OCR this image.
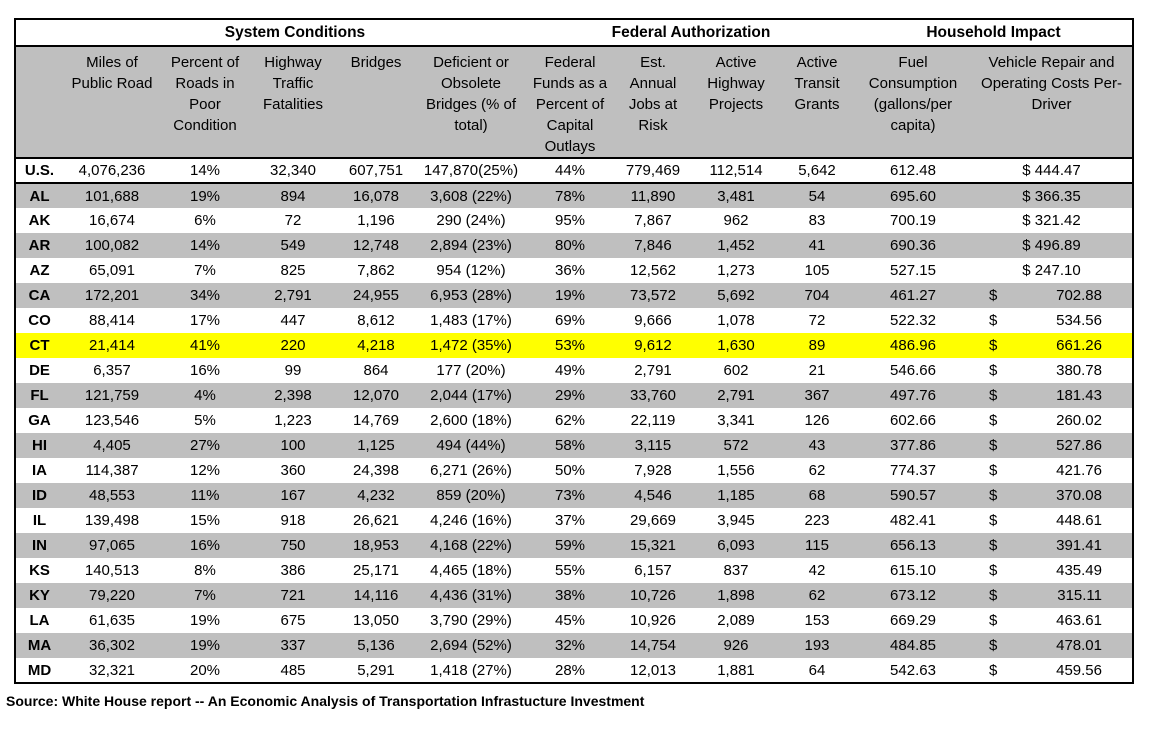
	System Conditions					Federal Authorization				Household Impact	
	Miles of Public Road	Percent of Roads in Poor Condition	Highway Traffic Fatalities	Bridges	Deficient or Obsolete Bridges (% of total)	Federal Funds as a Percent of Capital Outlays	Est. Annual Jobs at Risk	Active Highway Projects	Active Transit Grants	Fuel Consumption (gallons/per capita)	Vehicle Repair and Operating Costs Per-Driver
U.S.	4,076,236	14%	32,340	607,751	147,870(25%)	44%	779,469	112,514	5,642	612.48	$ 444.47
AL	101,688	19%	894	16,078	3,608 (22%)	78%	11,890	3,481	54	695.60	$ 366.35
AK	16,674	6%	72	1,196	290 (24%)	95%	7,867	962	83	700.19	$ 321.42
AR	100,082	14%	549	12,748	2,894 (23%)	80%	7,846	1,452	41	690.36	$ 496.89
AZ	65,091	7%	825	7,862	954 (12%)	36%	12,562	1,273	105	527.15	$ 247.10
CA	172,201	34%	2,791	24,955	6,953 (28%)	19%	73,572	5,692	704	461.27	$ 702.88
CO	88,414	17%	447	8,612	1,483 (17%)	69%	9,666	1,078	72	522.32	$ 534.56
CT	21,414	41%	220	4,218	1,472 (35%)	53%	9,612	1,630	89	486.96	$ 661.26
DE	6,357	16%	99	864	177 (20%)	49%	2,791	602	21	546.66	$ 380.78
FL	121,759	4%	2,398	12,070	2,044 (17%)	29%	33,760	2,791	367	497.76	$ 181.43
GA	123,546	5%	1,223	14,769	2,600 (18%)	62%	22,119	3,341	126	602.66	$ 260.02
HI	4,405	27%	100	1,125	494 (44%)	58%	3,115	572	43	377.86	$ 527.86
IA	114,387	12%	360	24,398	6,271 (26%)	50%	7,928	1,556	62	774.37	$ 421.76
ID	48,553	11%	167	4,232	859 (20%)	73%	4,546	1,185	68	590.57	$ 370.08
IL	139,498	15%	918	26,621	4,246 (16%)	37%	29,669	3,945	223	482.41	$ 448.61
IN	97,065	16%	750	18,953	4,168 (22%)	59%	15,321	6,093	115	656.13	$ 391.41
KS	140,513	8%	386	25,171	4,465 (18%)	55%	6,157	837	42	615.10	$ 435.49
KY	79,220	7%	721	14,116	4,436 (31%)	38%	10,726	1,898	62	673.12	$ 315.11
LA	61,635	19%	675	13,050	3,790 (29%)	45%	10,926	2,089	153	669.29	$ 463.61
MA	36,302	19%	337	5,136	2,694 (52%)	32%	14,754	926	193	484.85	$ 478.01
MD	32,321	20%	485	5,291	1,418 (27%)	28%	12,013	1,881	64	542.63	$ 459.56
Source: White House report -- An Economic Analysis of Transportation Infrastucture Investment
